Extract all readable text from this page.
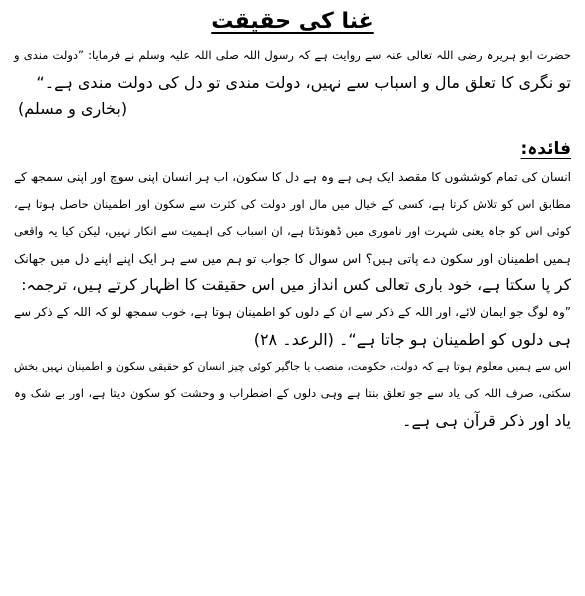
غنا کی حقیقت
حضرت ابو ہریرہ رضی اللہ تعالی عنہ سے روایت ہے کہ رسول اللہ صلی اللہ علیہ وسلم نے فرمایا: ”دولت مندی و
تو نگری کا تعلق مال و اسباب سے نہیں، دولت مندی تو دل کی دولت مندی ہے۔“
(بخاری و مسلم)
فائدہ:
انسان کی تمام کوششوں کا مقصد ایک ہی ہے وہ ہے دل کا سکون، اب ہر انسان اپنی سوچ اور اپنی سمجھ کے
مطابق اس کو تلاش کرتا ہے، کسی کے خیال میں مال اور دولت کی کثرت سے سکون اور اطمینان حاصل ہوتا ہے،
کوئی اس کو جاہ یعنی شہرت اور ناموری میں ڈھونڈتا ہے، ان اسباب کی اہمیت سے انکار نہیں، لیکن کیا یہ واقعی
ہمیں اطمینان اور سکون دے پاتی ہیں؟ اس سوال کا جواب تو ہم میں سے ہر ایک اپنے اپنے دل میں جھانک
کر پا سکتا ہے، خود باری تعالی کس انداز میں اس حقیقت کا اظہار کرتے ہیں، ترجمہ:
”وہ لوگ جو ایمان لائے، اور اللہ کے ذکر سے ان کے دلوں کو اطمینان ہوتا ہے، خوب سمجھ لو کہ اللہ کے ذکر سے
ہی دلوں کو اطمینان ہو جاتا ہے“۔ (الرعد۔ ۲۸)
اس سے ہمیں معلوم ہوتا ہے کہ دولت، حکومت، منصب یا جاگیر کوئی چیز انسان کو حقیقی سکون و اطمینان نہیں بخش
سکتی، صرف اللہ کی یاد سے جو تعلق بنتا ہے وہی دلوں کے اضطراب و وحشت کو سکون دیتا ہے، اور بے شک وہ
یاد اور ذکر قرآن ہی ہے۔
